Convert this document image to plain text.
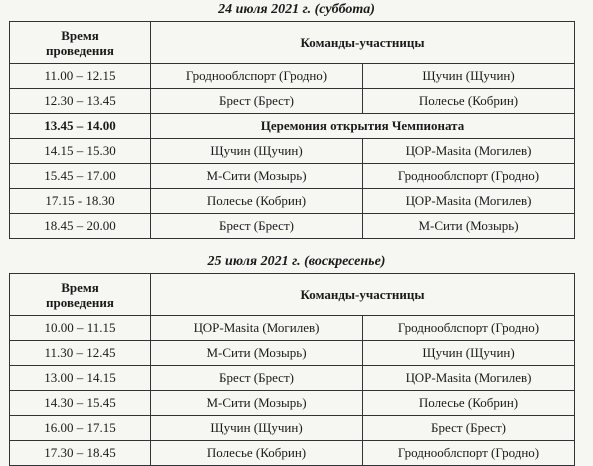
24 июля 2021 г. (суббота)
Время
проведения	Команды-участницы	
11.00 – 12.15	Гроднооблспорт (Гродно)	Щучин (Щучин)
12.30 – 13.45	Брест (Брест)	Полесье (Кобрин)
13.45 – 14.00	Церемония открытия Чемпионата	
14.15 – 15.30	Щучин (Щучин)	ЦОР-Masita (Могилев)
15.45 – 17.00	М-Сити (Мозырь)	Гроднооблспорт (Гродно)
17.15 - 18.30	Полесье (Кобрин)	ЦОР-Masita (Могилев)
18.45 – 20.00	Брест (Брест)	М-Сити (Мозырь)
25 июля 2021 г. (воскресенье)
Время
проведения	Команды-участницы	
10.00 – 11.15	ЦОР-Masita (Могилев)	Гроднооблспорт (Гродно)
11.30 – 12.45	М-Сити (Мозырь)	Щучин (Щучин)
13.00 – 14.15	Брест (Брест)	ЦОР-Masita (Могилев)
14.30 – 15.45	М-Сити (Мозырь)	Полесье (Кобрин)
16.00 – 17.15	Щучин (Щучин)	Брест (Брест)
17.30 – 18.45	Полесье (Кобрин)	Гроднооблспорт (Гродно)
